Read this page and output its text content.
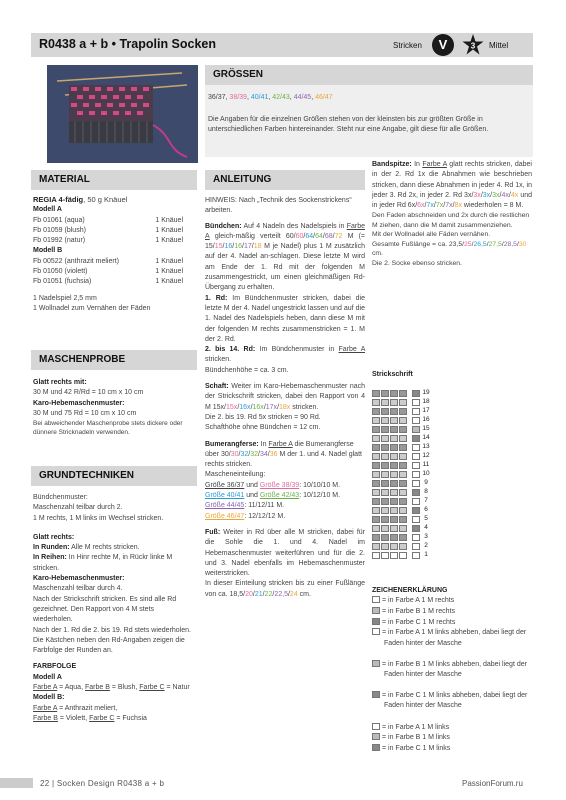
R0438 a + b • Trapolin Socken	Stricken	V	3 Mittel
GRÖSSEN
36/37, 38/39, 40/41, 42/43, 44/45, 46/47
Die Angaben für die einzelnen Größen stehen von der kleinsten bis zur größten Größe in unterschiedlichen Farben hintereinander. Steht nur eine Angabe, gilt diese für alle Größen.
MATERIAL
REGIA 4-fädig, 50 g Knäuel
Modell A
Fb 01061 (aqua)	1 Knäuel
Fb 01059 (blush)	1 Knäuel
Fb 01992 (natur)	1 Knäuel
Modell B
Fb 00522 (anthrazit meliert)	1 Knäuel
Fb 01050 (violett)	1 Knäuel
Fb 01051 (fuchsia)	1 Knäuel
1 Nadelspiel 2,5 mm
1 Wollnadel zum Vernähen der Fäden
MASCHENPROBE
Glatt rechts mit:
30 M und 42 R/Rd = 10 cm x 10 cm
Karo-Hebemaschenmuster:
30 M und 75 Rd = 10 cm x 10 cm
Bei abweichender Maschenprobe stets dickere oder dünnere Stricknadeln verwenden.
GRUNDTECHNIKEN
Bündchenmuster:
Maschenzahl teilbar durch 2.
1 M rechts, 1 M links im Wechsel stricken.
Glatt rechts:
In Runden: Alle M rechts stricken.
In Reihen: In Hinr rechte M, in Rückr linke M stricken.
Karo-Hebemaschenmuster:
Maschenzahl teilbar durch 4.
Nach der Strickschrift stricken. Es sind alle Rd gezeichnet. Den Rapport von 4 M stets wiederholen.
Nach der 1. Rd die 2. bis 19. Rd stets wiederholen. Die Kästchen neben den Rd-Angaben zeigen die Farbfolge der Runden an.
FARBFOLGE
Modell A
Farbe A = Aqua, Farbe B = Blush, Farbe C = Natur
Modell B:
Farbe A = Anthrazit meliert,
Farbe B = Violett, Farbe C = Fuchsia
ANLEITUNG
HINWEIS: Nach „Technik des Sockenstrickens“ arbeiten.
Bündchen: Auf 4 Nadeln des Nadelspiels in Farbe A gleich-mäßig verteilt 60/60/64/64/68/72 M (= 15/15/16/16/17/18 M je Nadel) plus 1 M zusätzlich auf der 4. Nadel an-schlagen. Diese letzte M wird am Ende der 1. Rd mit der folgenden M zusammengestrickt, um einen gleichmäßigen Rd-Übergang zu erhalten.
1. Rd: Im Bündchenmuster stricken, dabei die letzte M der 4. Nadel ungestrickt lassen und auf die 1. Nadel des Nadelspiels heben, dann diese M mit der folgenden M rechts zusammenstricken = 1. M der 2. Rd.
2. bis 14. Rd: Im Bündchenmuster in Farbe A stricken.
Bündchenhöhe = ca. 3 cm.
Schaft: Weiter im Karo-Hebemaschenmuster nach der Strickschrift stricken, dabei den Rapport von 4 M 15x/15x/16x/16x/17x/18x stricken.
Die 2. bis 19. Rd 5x stricken = 90 Rd.
Schafthöhe ohne Bündchen = 12 cm.
Bumerangferse: In Farbe A die Bumerangferse über 30/30/32/32/34/36 M der 1. und 4. Nadel glatt rechts stricken.
Mascheneinteilung:
Größe 36/37 und Größe 38/39: 10/10/10 M.
Größe 40/41 und Größe 42/43: 10/12/10 M.
Größe 44/45: 11/12/11 M.
Größe 46/47: 12/12/12 M.
Fuß: Weiter in Rd über alle M stricken, dabei für die Sohle die 1. und 4. Nadel im Hebemaschenmuster weiterführen und für die 2. und 3. Nadel ebenfalls im Hebemaschenmuster weiterstricken.
In dieser Einteilung stricken bis zu einer Fußlänge von ca. 18,5/20/21/22/22,5/24 cm.
Bandspitze: In Farbe A glatt rechts stricken, dabei in der 2. Rd 1x die Abnahmen wie beschrieben stricken, dann diese Abnahmen in jeder 4. Rd 1x, in jeder 3. Rd 2x, in jeder 2. Rd 3x/3x/3x/3x/4x/4x und in jeder Rd 6x/6x/7x/7x/7x/8x wiederholen = 8 M.
Den Faden abschneiden und 2x durch die restlichen M ziehen, dann die M damit zusammenziehen.
Mit der Wollnadel alle Fäden vernähen.
Gesamte Fußlänge = ca. 23,5/25/26,5/27,5/28,5/30 cm.
Die 2. Socke ebenso stricken.
Strickschrift
19
18
17
16
15
14
13
12
11
10
9
8
7
6
5
4
3
2
1
ZEICHENERKLÄRUNG
= in Farbe A 1 M rechts
= in Farbe B 1 M rechts
= in Farbe C 1 M rechts
= in Farbe A 1 M links abheben, dabei liegt der Faden hinter der Masche
= in Farbe B 1 M links abheben, dabei liegt der Faden hinter der Masche
= in Farbe C 1 M links abheben, dabei liegt der Faden hinter der Masche
= in Farbe A 1 M links
= in Farbe B 1 M links
= in Farbe C 1 M links
22 | Socken Design R0438 a + b	PassionForum.ru
